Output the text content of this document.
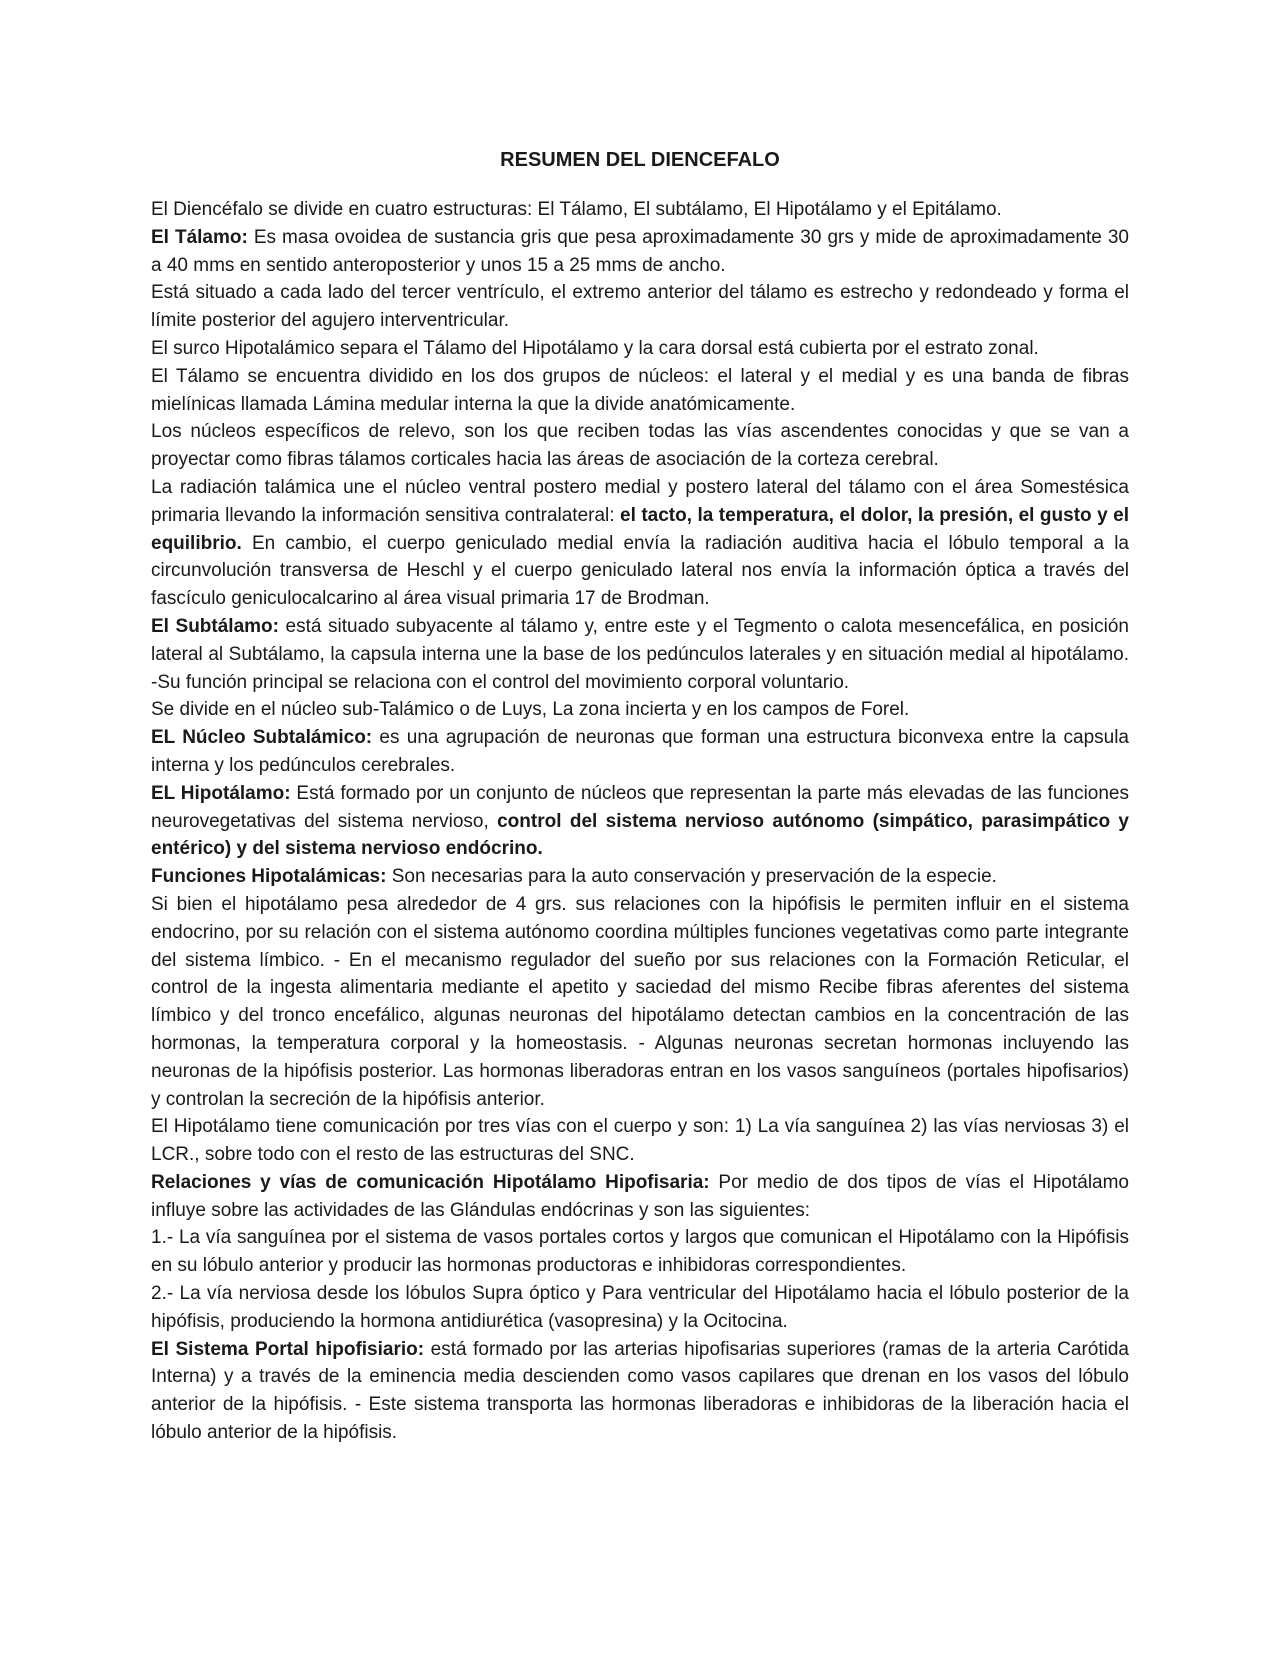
RESUMEN DEL DIENCEFALO

El Diencéfalo se divide en cuatro estructuras: El Tálamo, El subtálamo, El Hipotálamo y el Epitálamo.

El Tálamo: Es masa ovoidea de sustancia gris que pesa aproximadamente 30 grs y mide de aproximadamente 30 a 40 mms en sentido anteroposterior y unos 15 a 25 mms de ancho.

Está situado a cada lado del tercer ventrículo, el extremo anterior del tálamo es estrecho y redondeado y forma el límite posterior del agujero interventricular.

El surco Hipotalámico separa el Tálamo del Hipotálamo y la cara dorsal está cubierta por el estrato zonal.

El Tálamo se encuentra dividido en los dos grupos de núcleos: el lateral y el medial y es una banda de fibras mielínicas llamada Lámina medular interna la que la divide anatómicamente.

Los núcleos específicos de relevo, son los que reciben todas las vías ascendentes conocidas y que se van a proyectar como fibras tálamos corticales hacia las áreas de asociación de la corteza cerebral.

La radiación talámica une el núcleo ventral postero medial y postero lateral del tálamo con el área Somestésica primaria llevando la información sensitiva contralateral: el tacto, la temperatura, el dolor, la presión, el gusto y el equilibrio. En cambio, el cuerpo geniculado medial envía la radiación auditiva hacia el lóbulo temporal a la circunvolución transversa de Heschl y el cuerpo geniculado lateral nos envía la información óptica a través del fascículo geniculocalcarino al área visual primaria 17 de Brodman.

El Subtálamo: está situado subyacente al tálamo y, entre este y el Tegmento o calota mesencefálica, en posición lateral al Subtálamo, la capsula interna une la base de los pedúnculos laterales y en situación medial al hipotálamo. -Su función principal se relaciona con el control del movimiento corporal voluntario.

Se divide en el núcleo sub-Talámico o de Luys, La zona incierta y en los campos de Forel.

EL Núcleo Subtalámico: es una agrupación de neuronas que forman una estructura biconvexa entre la capsula interna y los pedúnculos cerebrales.

EL Hipotálamo: Está formado por un conjunto de núcleos que representan la parte más elevadas de las funciones neurovegetativas del sistema nervioso, control del sistema nervioso autónomo (simpático, parasimpático y entérico) y del sistema nervioso endócrino.

Funciones Hipotalámicas: Son necesarias para la auto conservación y preservación de la especie.

Si bien el hipotálamo pesa alrededor de 4 grs. sus relaciones con la hipófisis le permiten influir en el sistema endocrino, por su relación con el sistema autónomo coordina múltiples funciones vegetativas como parte integrante del sistema límbico. - En el mecanismo regulador del sueño por sus relaciones con la Formación Reticular, el control de la ingesta alimentaria mediante el apetito y saciedad del mismo Recibe fibras aferentes del sistema límbico y del tronco encefálico, algunas neuronas del hipotálamo detectan cambios en la concentración de las hormonas, la temperatura corporal y la homeostasis. - Algunas neuronas secretan hormonas incluyendo las neuronas de la hipófisis posterior. Las hormonas liberadoras entran en los vasos sanguíneos (portales hipofisarios) y controlan la secreción de la hipófisis anterior.

El Hipotálamo tiene comunicación por tres vías con el cuerpo y son: 1) La vía sanguínea 2) las vías nerviosas 3) el LCR., sobre todo con el resto de las estructuras del SNC.

Relaciones y vías de comunicación Hipotálamo Hipofisaria: Por medio de dos tipos de vías el Hipotálamo influye sobre las actividades de las Glándulas endócrinas y son las siguientes:

1.- La vía sanguínea por el sistema de vasos portales cortos y largos que comunican el Hipotálamo con la Hipófisis en su lóbulo anterior y producir las hormonas productoras e inhibidoras correspondientes.

2.- La vía nerviosa desde los lóbulos Supra óptico y Para ventricular del Hipotálamo hacia el lóbulo posterior de la hipófisis, produciendo la hormona antidiurética (vasopresina) y la Ocitocina.

El Sistema Portal hipofisiario: está formado por las arterias hipofisarias superiores (ramas de la arteria Carótida Interna) y a través de la eminencia media descienden como vasos capilares que drenan en los vasos del lóbulo anterior de la hipófisis. - Este sistema transporta las hormonas liberadoras e inhibidoras de la liberación hacia el lóbulo anterior de la hipófisis.
